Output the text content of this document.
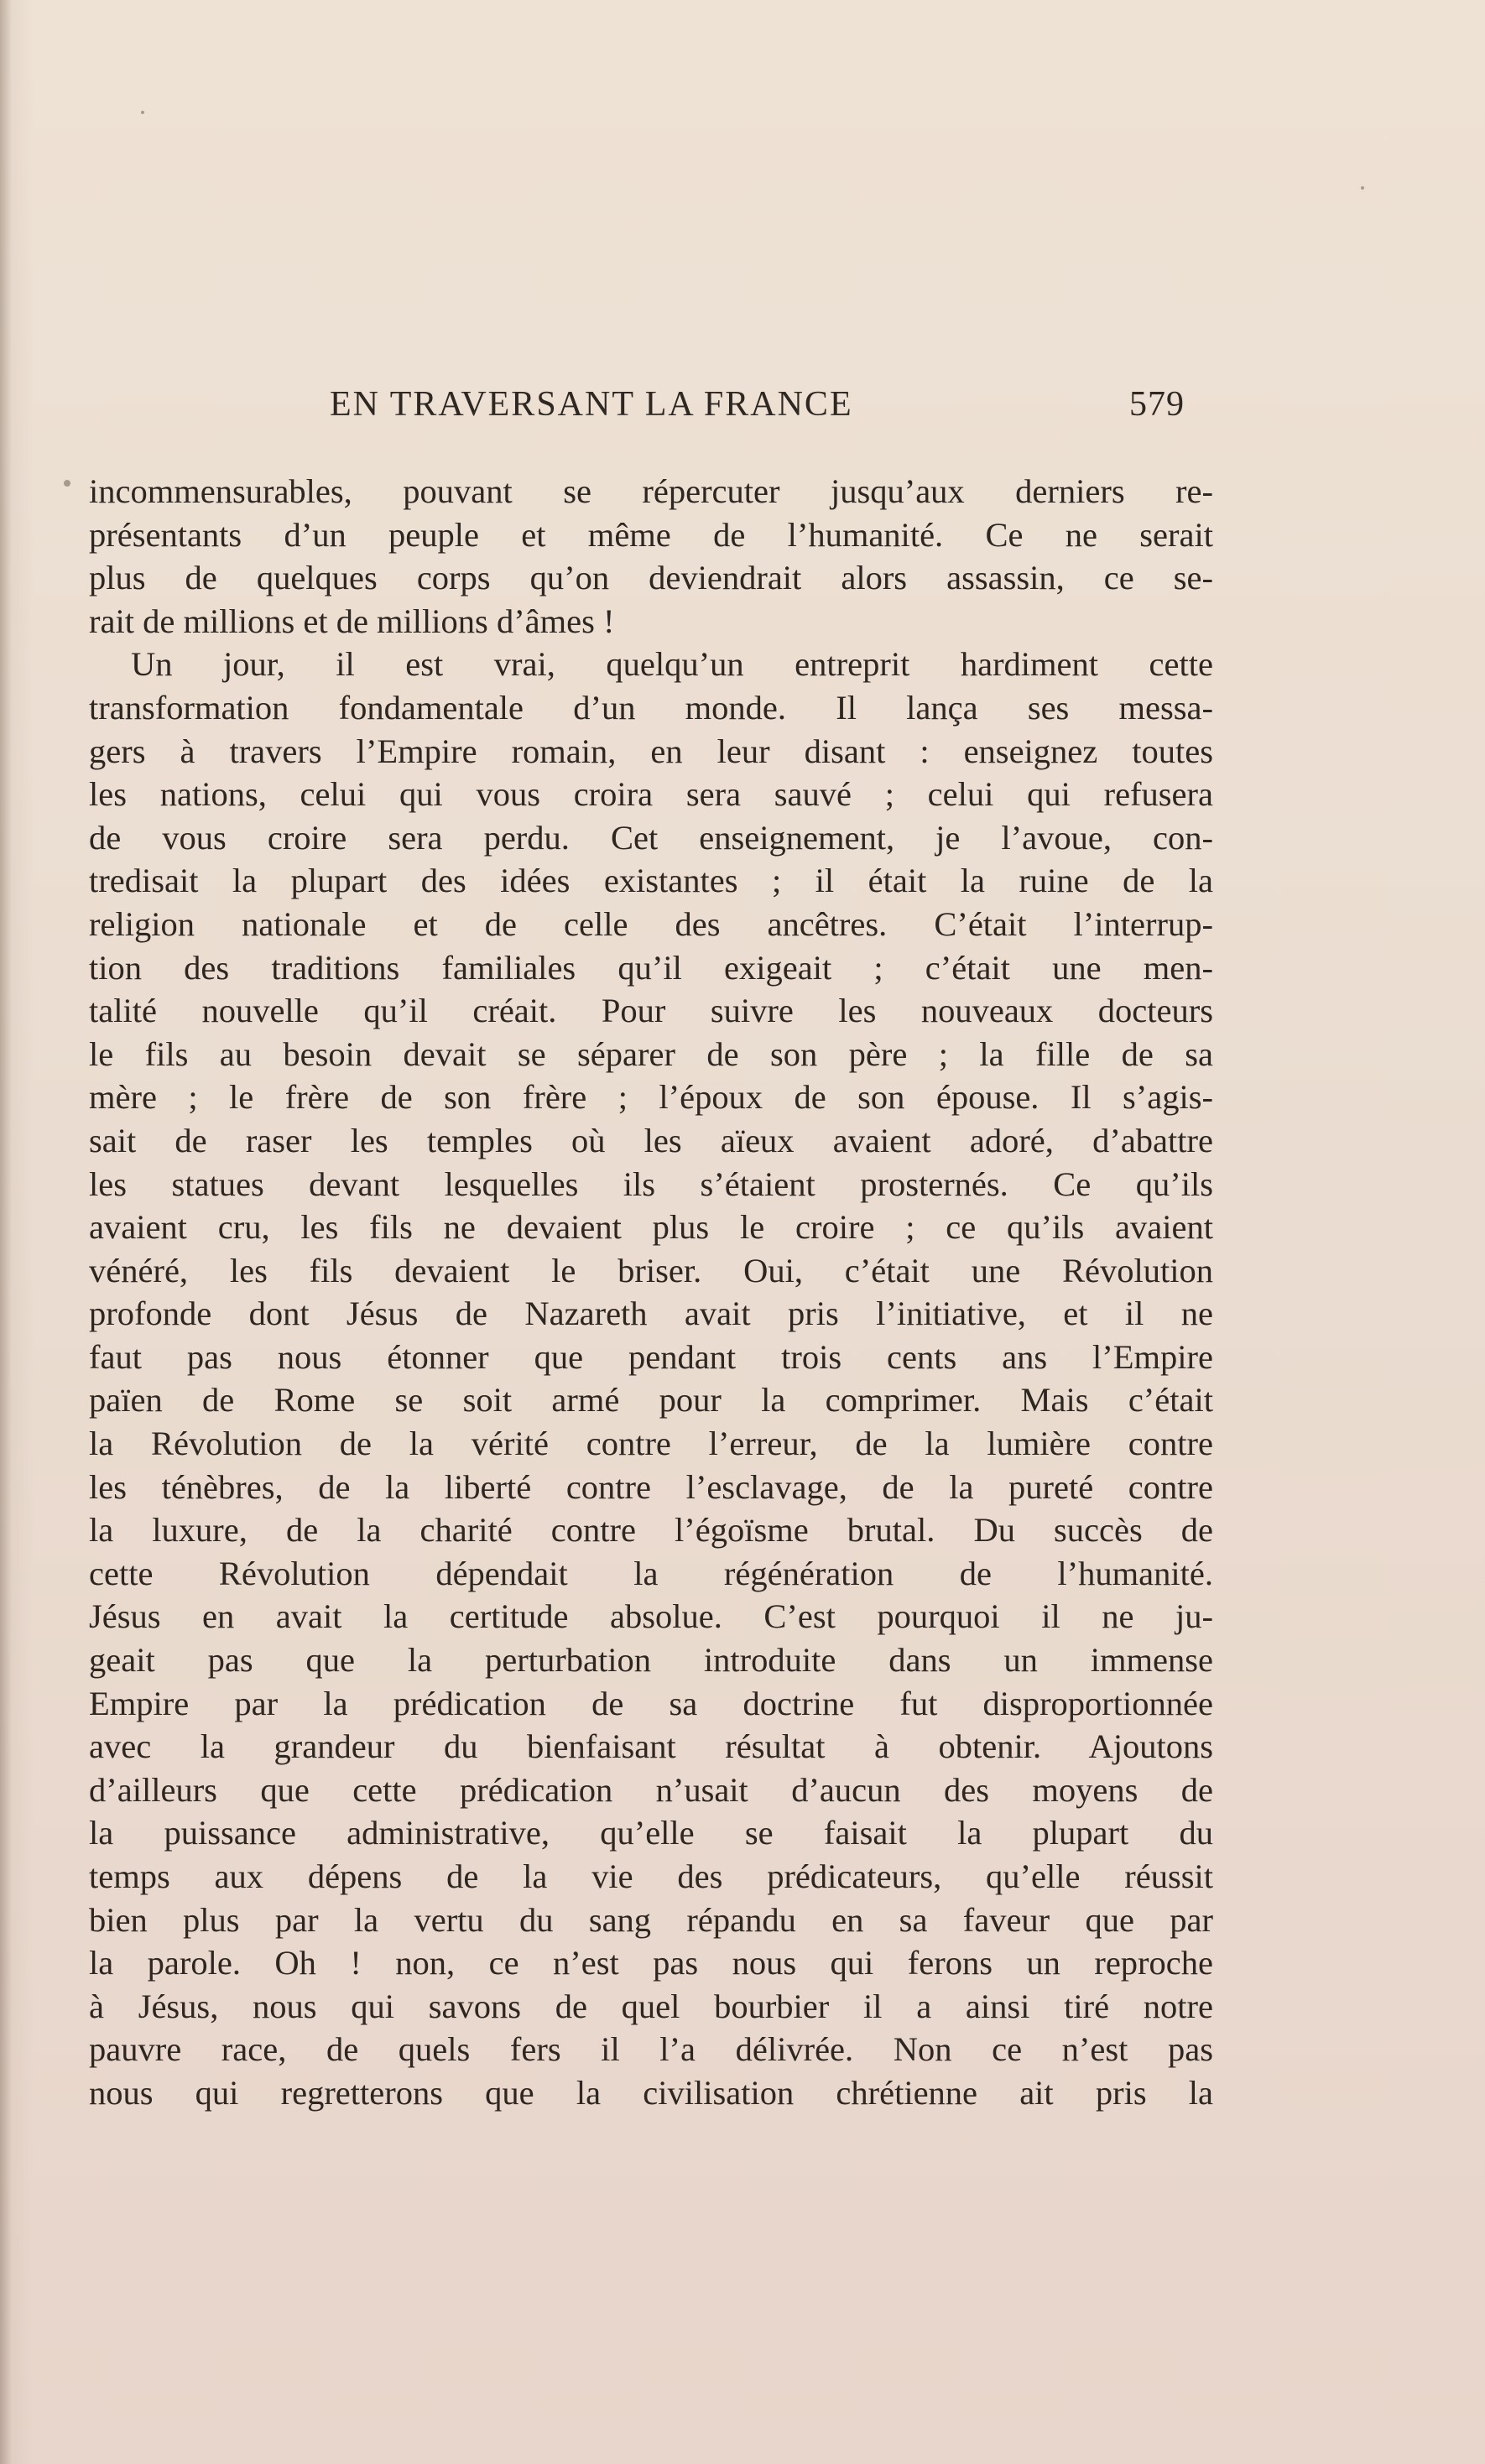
EN TRAVERSANT LA FRANCE	579
incommensurables, pouvant se répercuter jusqu’aux derniers re-
présentants d’un peuple et même de l’humanité. Ce ne serait
plus de quelques corps qu’on deviendrait alors assassin, ce se-
rait de millions et de millions d’âmes !
Un jour, il est vrai, quelqu’un entreprit hardiment cette
transformation fondamentale d’un monde. Il lança ses messa-
gers à travers l’Empire romain, en leur disant : enseignez toutes
les nations, celui qui vous croira sera sauvé ; celui qui refusera
de vous croire sera perdu. Cet enseignement, je l’avoue, con-
tredisait la plupart des idées existantes ; il était la ruine de la
religion nationale et de celle des ancêtres. C’était l’interrup-
tion des traditions familiales qu’il exigeait ; c’était une men-
talité nouvelle qu’il créait. Pour suivre les nouveaux docteurs
le fils au besoin devait se séparer de son père ; la fille de sa
mère ; le frère de son frère ; l’époux de son épouse. Il s’agis-
sait de raser les temples où les aïeux avaient adoré, d’abattre
les statues devant lesquelles ils s’étaient prosternés. Ce qu’ils
avaient cru, les fils ne devaient plus le croire ; ce qu’ils avaient
vénéré, les fils devaient le briser. Oui, c’était une Révolution
profonde dont Jésus de Nazareth avait pris l’initiative, et il ne
faut pas nous étonner que pendant trois cents ans l’Empire
païen de Rome se soit armé pour la comprimer. Mais c’était
la Révolution de la vérité contre l’erreur, de la lumière contre
les ténèbres, de la liberté contre l’esclavage, de la pureté contre
la luxure, de la charité contre l’égoïsme brutal. Du succès de
cette Révolution dépendait la régénération de l’humanité.
Jésus en avait la certitude absolue. C’est pourquoi il ne ju-
geait pas que la perturbation introduite dans un immense
Empire par la prédication de sa doctrine fut disproportionnée
avec la grandeur du bienfaisant résultat à obtenir. Ajoutons
d’ailleurs que cette prédication n’usait d’aucun des moyens de
la puissance administrative, qu’elle se faisait la plupart du
temps aux dépens de la vie des prédicateurs, qu’elle réussit
bien plus par la vertu du sang répandu en sa faveur que par
la parole. Oh ! non, ce n’est pas nous qui ferons un reproche
à Jésus, nous qui savons de quel bourbier il a ainsi tiré notre
pauvre race, de quels fers il l’a délivrée. Non ce n’est pas
nous qui regretterons que la civilisation chrétienne ait pris la
